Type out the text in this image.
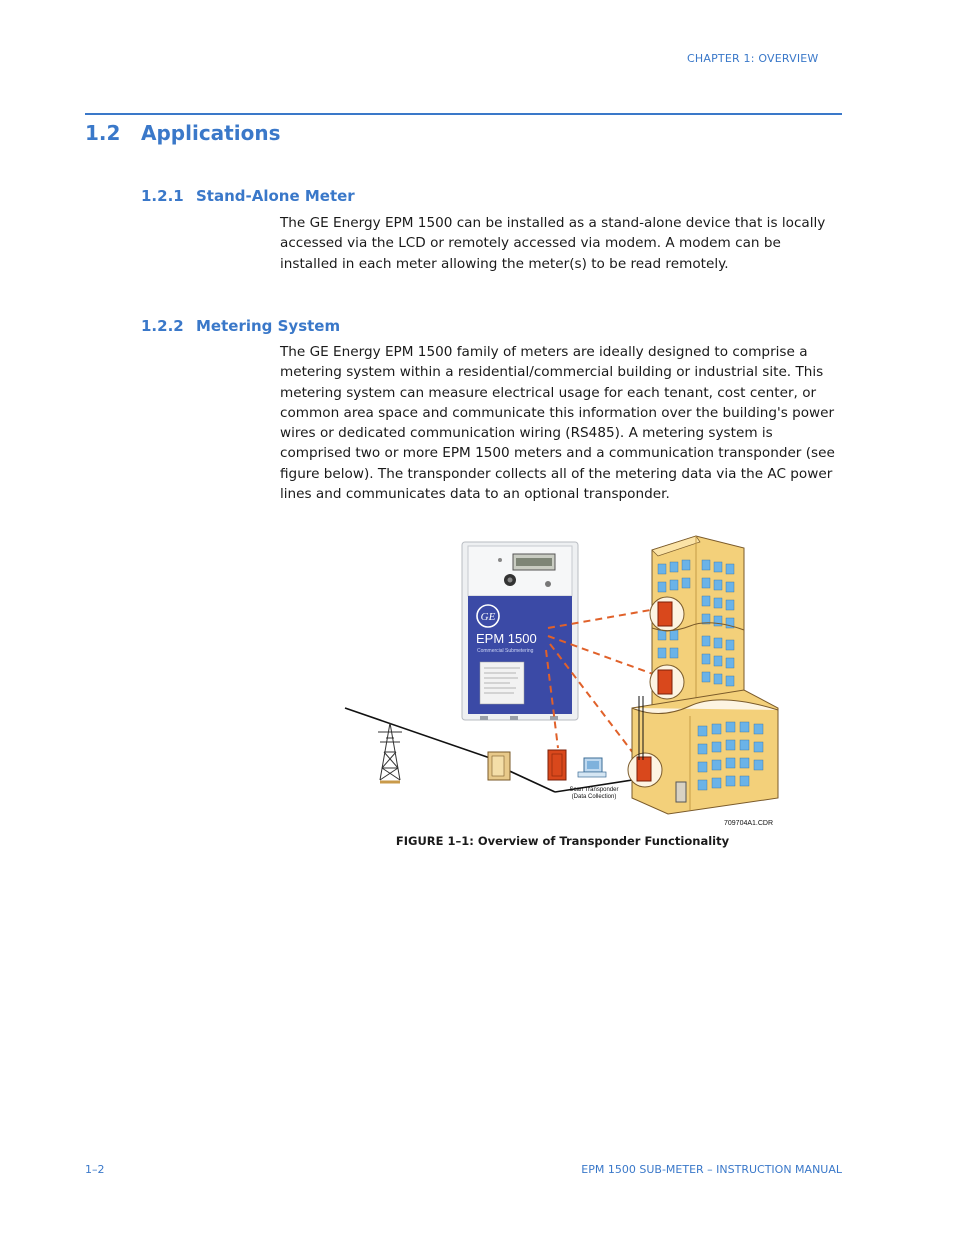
CHAPTER 1: OVERVIEW
1.2 Applications
1.2.1 Stand-Alone Meter

The GE Energy EPM 1500 can be installed as a stand-alone device that is locally accessed via the LCD or remotely accessed via modem. A modem can be installed in each meter allowing the meter(s) to be read remotely.

1.2.2 Metering System

The GE Energy EPM 1500 family of meters are ideally designed to comprise a metering system within a residential/commercial building or industrial site. This metering system can measure electrical usage for each tenant, cost center, or common area space and communicate this information over the building's power wires or dedicated communication wiring (RS485). A metering system is comprised two or more EPM 1500 meters and a communication transponder (see figure below). The transponder collects all of the metering data via the AC power lines and communicates data to an optional transponder.

GE
EPM 1500
Commercial Submetering
Scan Transponder
(Data Collection)
709704A1.CDR
FIGURE 1–1: Overview of Transponder Functionality
1–2	EPM 1500 SUB-METER – INSTRUCTION MANUAL
